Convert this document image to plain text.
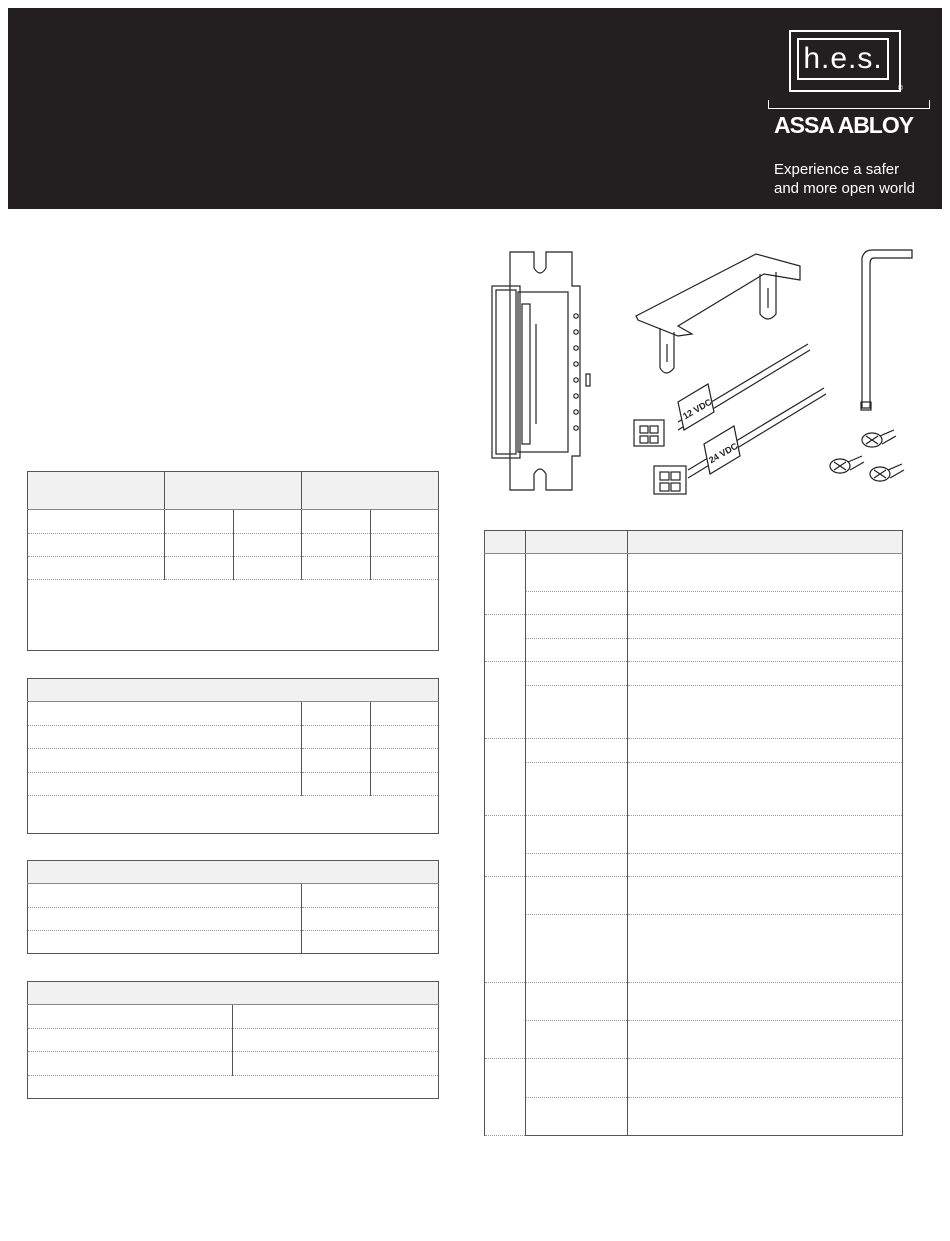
h.e.s.
®
ASSA ABLOY
Experience a safer
and more open world

12 VDC
24 VDC
